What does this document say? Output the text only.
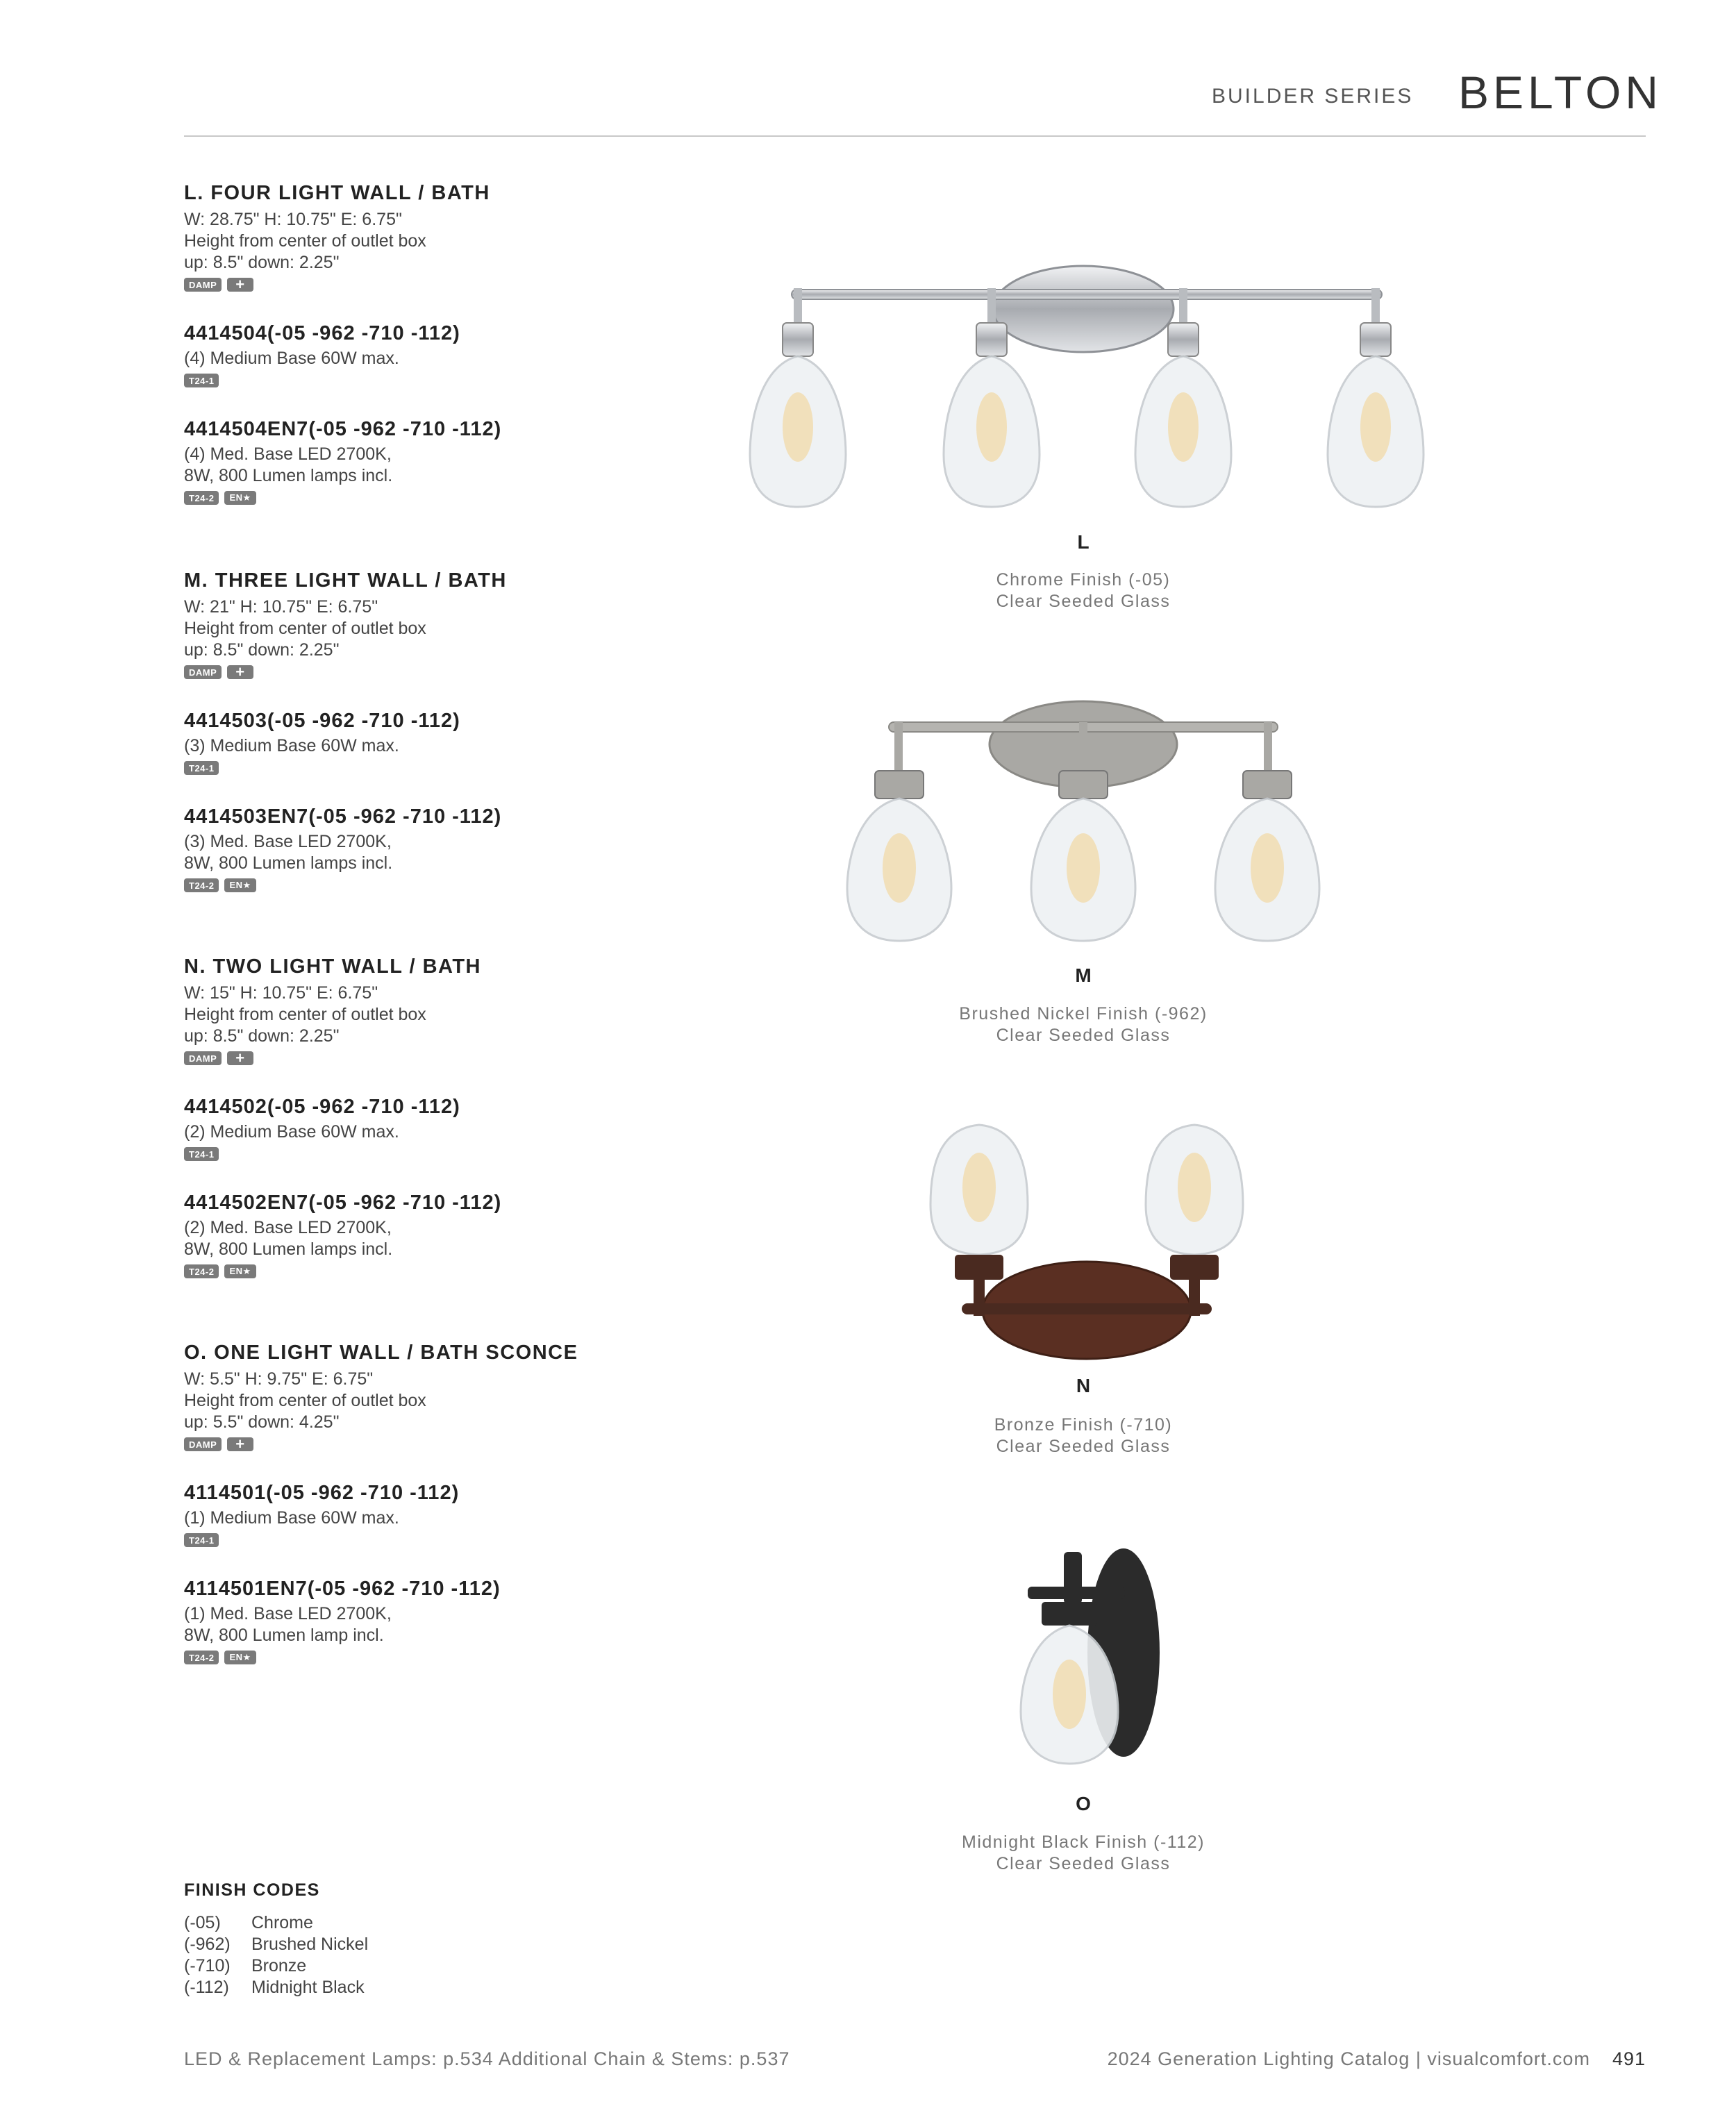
BUILDER SERIES BELTON
L. FOUR LIGHT WALL / BATH
W: 28.75" H: 10.75" E: 6.75"
Height from center of outlet box
up: 8.5" down: 2.25"
DAMP	+
4414504(-05 -962 -710 -112)
(4) Medium Base 60W max.
T24-1
4414504EN7(-05 -962 -710 -112)
(4) Med. Base LED 2700K,
8W, 800 Lumen lamps incl.
T24-2	EN★
M. THREE LIGHT WALL / BATH
W: 21" H: 10.75" E: 6.75"
Height from center of outlet box
up: 8.5" down: 2.25"
DAMP	+
4414503(-05 -962 -710 -112)
(3) Medium Base 60W max.
T24-1
4414503EN7(-05 -962 -710 -112)
(3) Med. Base LED 2700K,
8W, 800 Lumen lamps incl.
T24-2	EN★
N. TWO LIGHT WALL / BATH
W: 15" H: 10.75" E: 6.75"
Height from center of outlet box
up: 8.5" down: 2.25"
DAMP	+
4414502(-05 -962 -710 -112)
(2) Medium Base 60W max.
T24-1
4414502EN7(-05 -962 -710 -112)
(2) Med. Base LED 2700K,
8W, 800 Lumen lamps incl.
T24-2	EN★
O. ONE LIGHT WALL / BATH SCONCE
W: 5.5" H: 9.75" E: 6.75"
Height from center of outlet box
up: 5.5" down: 4.25"
DAMP	+
4114501(-05 -962 -710 -112)
(1) Medium Base 60W max.
T24-1
4114501EN7(-05 -962 -710 -112)
(1) Med. Base LED 2700K,
8W, 800 Lumen lamp incl.
T24-2	EN★
L
Chrome Finish (-05)
Clear Seeded Glass
M
Brushed Nickel Finish (-962)
Clear Seeded Glass
N
Bronze Finish (-710)
Clear Seeded Glass
O
Midnight Black Finish (-112)
Clear Seeded Glass
FINISH CODES
(-05)	Chrome
(-962)	Brushed Nickel
(-710)	Bronze
(-112)	Midnight Black
LED & Replacement Lamps: p.534 Additional Chain & Stems: p.537	2024 Generation Lighting Catalog | visualcomfort.com 491
